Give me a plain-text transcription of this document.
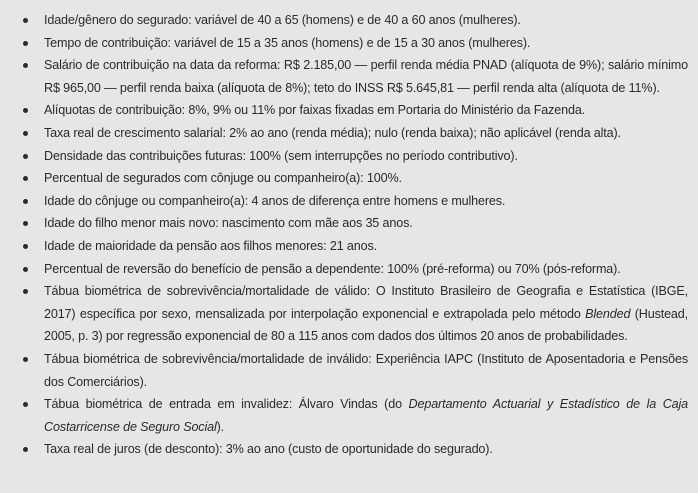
Idade/gênero do segurado: variável de 40 a 65 (homens) e de 40 a 60 anos (mulheres).
Tempo de contribuição: variável de 15 a 35 anos (homens) e de 15 a 30 anos (mulheres).
Salário de contribuição na data da reforma: R$ 2.185,00 — perfil renda média PNAD (alíquota de 9%); salário mínimo R$ 965,00 — perfil renda baixa (alíquota de 8%); teto do INSS R$ 5.645,81 — perfil renda alta (alíquota de 11%).
Alíquotas de contribuição: 8%, 9% ou 11% por faixas fixadas em Portaria do Ministério da Fazenda.
Taxa real de crescimento salarial: 2% ao ano (renda média); nulo (renda baixa); não aplicável (renda alta).
Densidade das contribuições futuras: 100% (sem interrupções no período contributivo).
Percentual de segurados com cônjuge ou companheiro(a): 100%.
Idade do cônjuge ou companheiro(a): 4 anos de diferença entre homens e mulheres.
Idade do filho menor mais novo: nascimento com mãe aos 35 anos.
Idade de maioridade da pensão aos filhos menores: 21 anos.
Percentual de reversão do benefício de pensão a dependente: 100% (pré-reforma) ou 70% (pós-reforma).
Tábua biométrica de sobrevivência/mortalidade de válido: O Instituto Brasileiro de Geografia e Estatística (IBGE, 2017) específica por sexo, mensalizada por interpolação exponencial e extrapolada pelo método Blended (Hustead, 2005, p. 3) por regressão exponencial de 80 a 115 anos com dados dos últimos 20 anos de probabilidades.
Tábua biométrica de sobrevivência/mortalidade de inválido: Experiência IAPC (Instituto de Aposentadoria e Pensões dos Comerciários).
Tábua biométrica de entrada em invalidez: Álvaro Vindas (do Departamento Actuarial y Estadístico de la Caja Costarricense de Seguro Social).
Taxa real de juros (de desconto): 3% ao ano (custo de oportunidade do segurado).
